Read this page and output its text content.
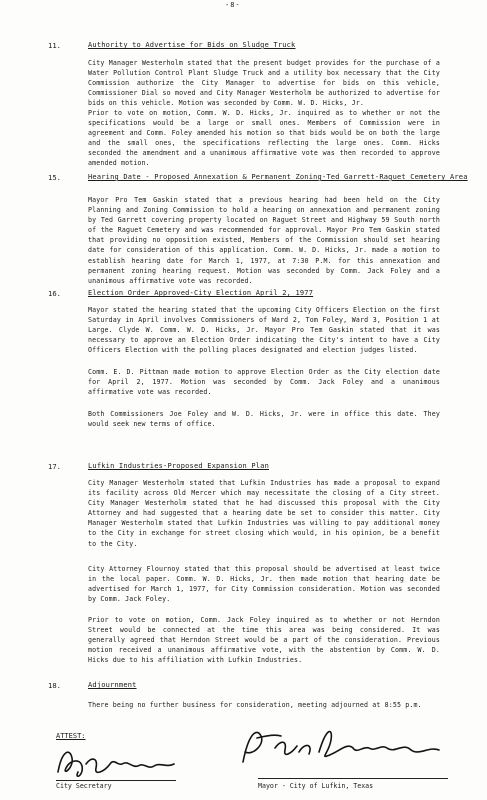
-8-
11.	Authority to Advertise for Bids on Sludge Truck

City Manager Westerholm stated that the present budget provides for the purchase of a Water Pollution Control Plant Sludge Truck and a utility box necessary that the City Commission authorize the City Manager to advertise for bids on this vehicle, Commissioner Dial so moved and City Manager Westerholm be authorized to advertise for bids on this vehicle. Motion was seconded by Comm. W. D. Hicks, Jr.

Prior to vote on motion, Comm. W. D. Hicks, Jr. inquired as to whether or not the specifications would be a large or small ones. Members of Commission were in agreement and Comm. Foley amended his motion so that bids would be on both the large and the small ones, the specifications reflecting the large ones. Comm. Hicks seconded the amendment and a unanimous affirmative vote was then recorded to approve amended motion.

15.	Hearing Date - Proposed Annexation & Permanent Zoning-Ted Garrett-Raguet Cemetery Area

Mayor Pro Tem Gaskin stated that a previous hearing had been held on the City Planning and Zoning Commission to hold a hearing on annexation and permanent zoning by Ted Garrett covering property located on Raguet Street and Highway 59 South north of the Raguet Cemetery and was recommended for approval. Mayor Pro Tem Gaskin stated that providing no opposition existed, Members of the Commission should set hearing date for consideration of this application. Comm. W. D. Hicks, Jr. made a motion to establish hearing date for March 1, 1977, at 7:30 P.M. for this annexation and permanent zoning hearing request. Motion was seconded by Comm. Jack Foley and a unanimous affirmative vote was recorded.

16.	Election Order Approved-City Election April 2, 1977

Mayor stated the hearing stated that the upcoming City Officers Election on the first Saturday in April involves Commissioners of Ward 2, Tom Foley, Ward 3, Position 1 at Large. Clyde W. Comm. W. D. Hicks, Jr. Mayor Pro Tem Gaskin stated that it was necessary to approve an Election Order indicating the City's intent to have a City Officers Election with the polling places designated and election judges listed.

Comm. E. D. Pittman made motion to approve Election Order as the City election date for April 2, 1977. Motion was seconded by Comm. Jack Foley and a unanimous affirmative vote was recorded.

Both Commissioners Joe Foley and W. D. Hicks, Jr. were in office this date. They would seek new terms of office.

17.	Lufkin Industries-Proposed Expansion Plan

City Manager Westerholm stated that Lufkin Industries has made a proposal to expand its facility across Old Mercer which may necessitate the closing of a City street. City Manager Westerholm stated that he had discussed this proposal with the City Attorney and had suggested that a hearing date be set to consider this matter. City Manager Westerholm stated that Lufkin Industries was willing to pay additional money to the City in exchange for street closing which would, in his opinion, be a benefit to the City.

City Attorney Flournoy stated that this proposal should be advertised at least twice in the local paper. Comm. W. D. Hicks, Jr. then made motion that hearing date be advertised for March 1, 1977, for City Commission consideration. Motion was seconded by Comm. Jack Foley.

Prior to vote on motion, Comm. Jack Foley inquired as to whether or not Herndon Street would be connected at the time this area was being considered. It was generally agreed that Herndon Street would be a part of the consideration. Previous motion received a unanimous affirmative vote, with the abstention by Comm. W. D. Hicks due to his affiliation with Lufkin Industries.

18.	Adjournment

There being no further business for consideration, meeting adjourned at 8:55 p.m.

ATTEST:
Mayor - City of Lufkin, Texas
City Secretary
